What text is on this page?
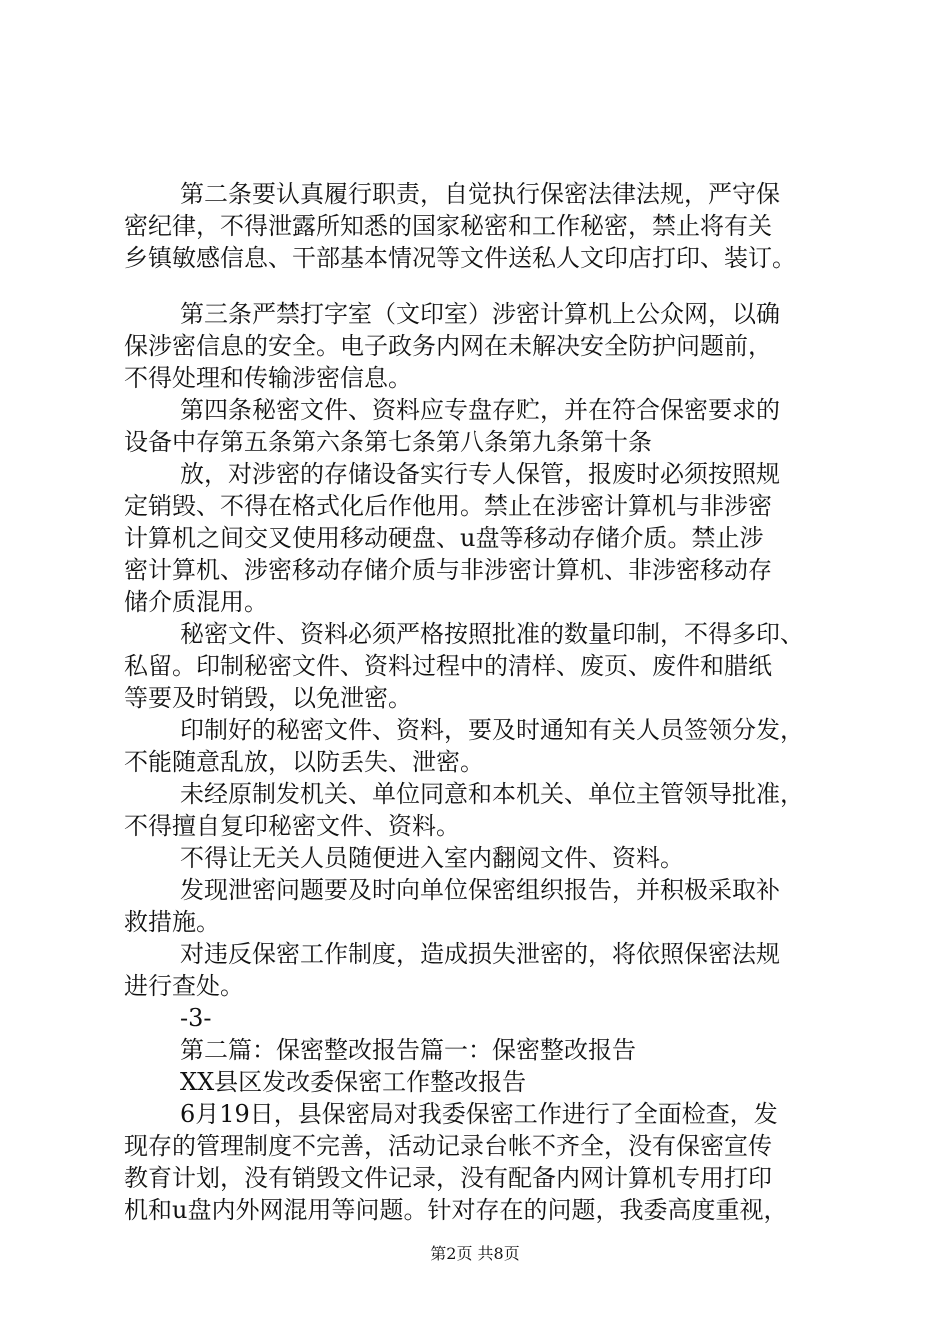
第二条要认真履行职责，自觉执行保密法律法规，严守保
密纪律，不得泄露所知悉的国家秘密和工作秘密，禁止将有关
乡镇敏感信息、干部基本情况等文件送私人文印店打印、装订。
第三条严禁打字室（文印室）涉密计算机上公众网，以确
保涉密信息的安全。电子政务内网在未解决安全防护问题前，
不得处理和传输涉密信息。
第四条秘密文件、资料应专盘存贮，并在符合保密要求的
设备中存第五条第六条第七条第八条第九条第十条
放，对涉密的存储设备实行专人保管，报废时必须按照规
定销毁、不得在格式化后作他用。禁止在涉密计算机与非涉密
计算机之间交叉使用移动硬盘、u盘等移动存储介质。禁止涉
密计算机、涉密移动存储介质与非涉密计算机、非涉密移动存
储介质混用。
秘密文件、资料必须严格按照批准的数量印制，不得多印、
私留。印制秘密文件、资料过程中的清样、废页、废件和腊纸
等要及时销毁，以免泄密。
印制好的秘密文件、资料，要及时通知有关人员签领分发，
不能随意乱放，以防丢失、泄密。
未经原制发机关、单位同意和本机关、单位主管领导批准，
不得擅自复印秘密文件、资料。
不得让无关人员随便进入室内翻阅文件、资料。
发现泄密问题要及时向单位保密组织报告，并积极采取补
救措施。
对违反保密工作制度，造成损失泄密的，将依照保密法规
进行查处。
-3-
第二篇：保密整改报告篇一：保密整改报告
XX县区发改委保密工作整改报告
6月19日，县保密局对我委保密工作进行了全面检查，发
现存的管理制度不完善，活动记录台帐不齐全，没有保密宣传
教育计划，没有销毁文件记录，没有配备内网计算机专用打印
机和u盘内外网混用等问题。针对存在的问题，我委高度重视，
第2页 共8页
